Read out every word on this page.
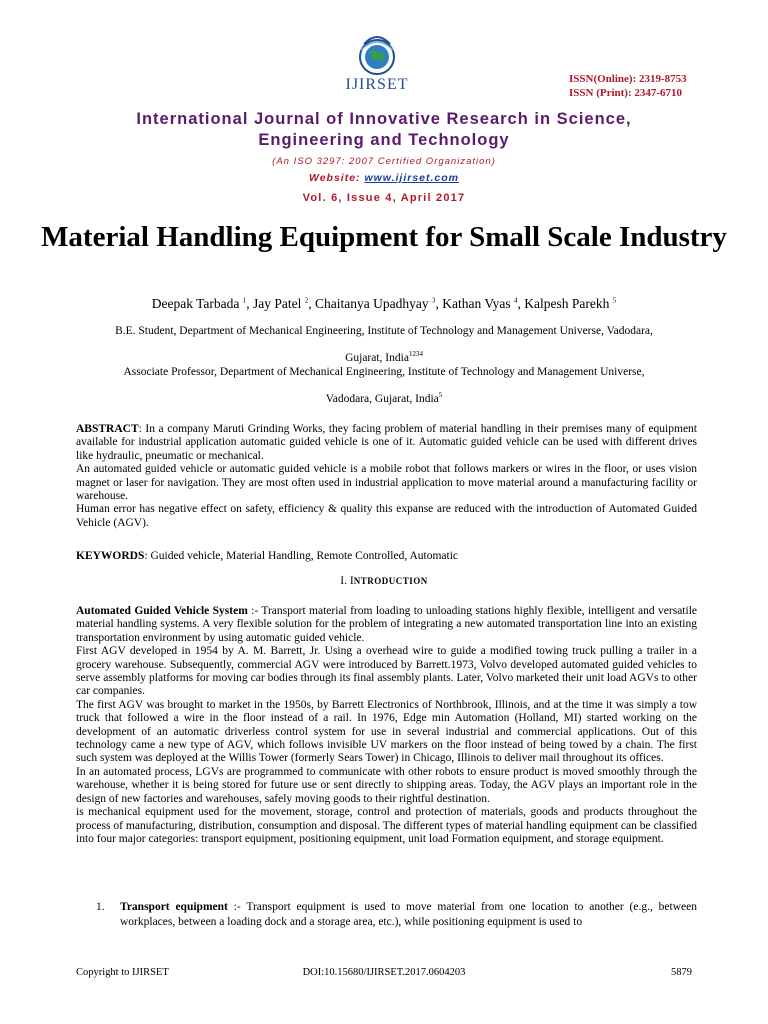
IJIRSET	ISSN(Online): 2319-8753
ISSN (Print): 2347-6710
International Journal of Innovative Research in Science,
Engineering and Technology
(An ISO 3297: 2007 Certified Organization)
Website: www.ijirset.com
Vol. 6, Issue 4, April 2017
Material Handling Equipment for Small Scale Industry
Deepak Tarbada $^1$, Jay Patel $^2$, Chaitanya Upadhyay $^3$, Kathan Vyas $^4$, Kalpesh Parekh $^5$
B.E. Student, Department of Mechanical Engineering, Institute of Technology and Management Universe, Vadodara,
Gujarat, India$^{1234}$
Associate Professor, Department of Mechanical Engineering, Institute of Technology and Management Universe,
Vadodara, Gujarat, India$^5$

ABSTRACT: In a company Maruti Grinding Works, they facing problem of material handling in their premises many of equipment available for industrial application automatic guided vehicle is one of it. Automatic guided vehicle can be used with different drives like hydraulic, pneumatic or mechanical.

An automated guided vehicle or automatic guided vehicle is a mobile robot that follows markers or wires in the floor, or uses vision magnet or laser for navigation. They are most often used in industrial application to move material around a manufacturing facility or warehouse.

Human error has negative effect on safety, efficiency & quality this expanse are reduced with the introduction of Automated Guided Vehicle (AGV).

KEYWORDS: Guided vehicle, Material Handling, Remote Controlled, Automatic

I. INTRODUCTION

Automated Guided Vehicle System :- Transport material from loading to unloading stations highly flexible, intelligent and versatile material handling systems. A very flexible solution for the problem of integrating a new automated transportation line into an existing transportation environment by using automatic guided vehicle.

First AGV developed in 1954 by A. M. Barrett, Jr. Using a overhead wire to guide a modified towing truck pulling a trailer in a grocery warehouse. Subsequently, commercial AGV were introduced by Barrett.1973, Volvo developed automated guided vehicles to serve assembly platforms for moving car bodies through its final assembly plants. Later, Volvo marketed their unit load AGVs to other car companies.

The first AGV was brought to market in the 1950s, by Barrett Electronics of Northbrook, Illinois, and at the time it was simply a tow truck that followed a wire in the floor instead of a rail. In 1976, Edge min Automation (Holland, MI) started working on the development of an automatic driverless control system for use in several industrial and commercial applications. Out of this technology came a new type of AGV, which follows invisible UV markers on the floor instead of being towed by a chain. The first such system was deployed at the Willis Tower (formerly Sears Tower) in Chicago, Illinois to deliver mail throughout its offices.

In an automated process, LGVs are programmed to communicate with other robots to ensure product is moved smoothly through the warehouse, whether it is being stored for future use or sent directly to shipping areas. Today, the AGV plays an important role in the design of new factories and warehouses, safely moving goods to their rightful destination.

is mechanical equipment used for the movement, storage, control and protection of materials, goods and products throughout the process of manufacturing, distribution, consumption and disposal. The different types of material handling equipment can be classified into four major categories: transport equipment, positioning equipment, unit load Formation equipment, and storage equipment.

1. Transport equipment :- Transport equipment is used to move material from one location to another (e.g., between workplaces, between a loading dock and a storage area, etc.), while positioning equipment is used to
Copyright to IJIRSET	DOI:10.15680/IJIRSET.2017.0604203	5879
